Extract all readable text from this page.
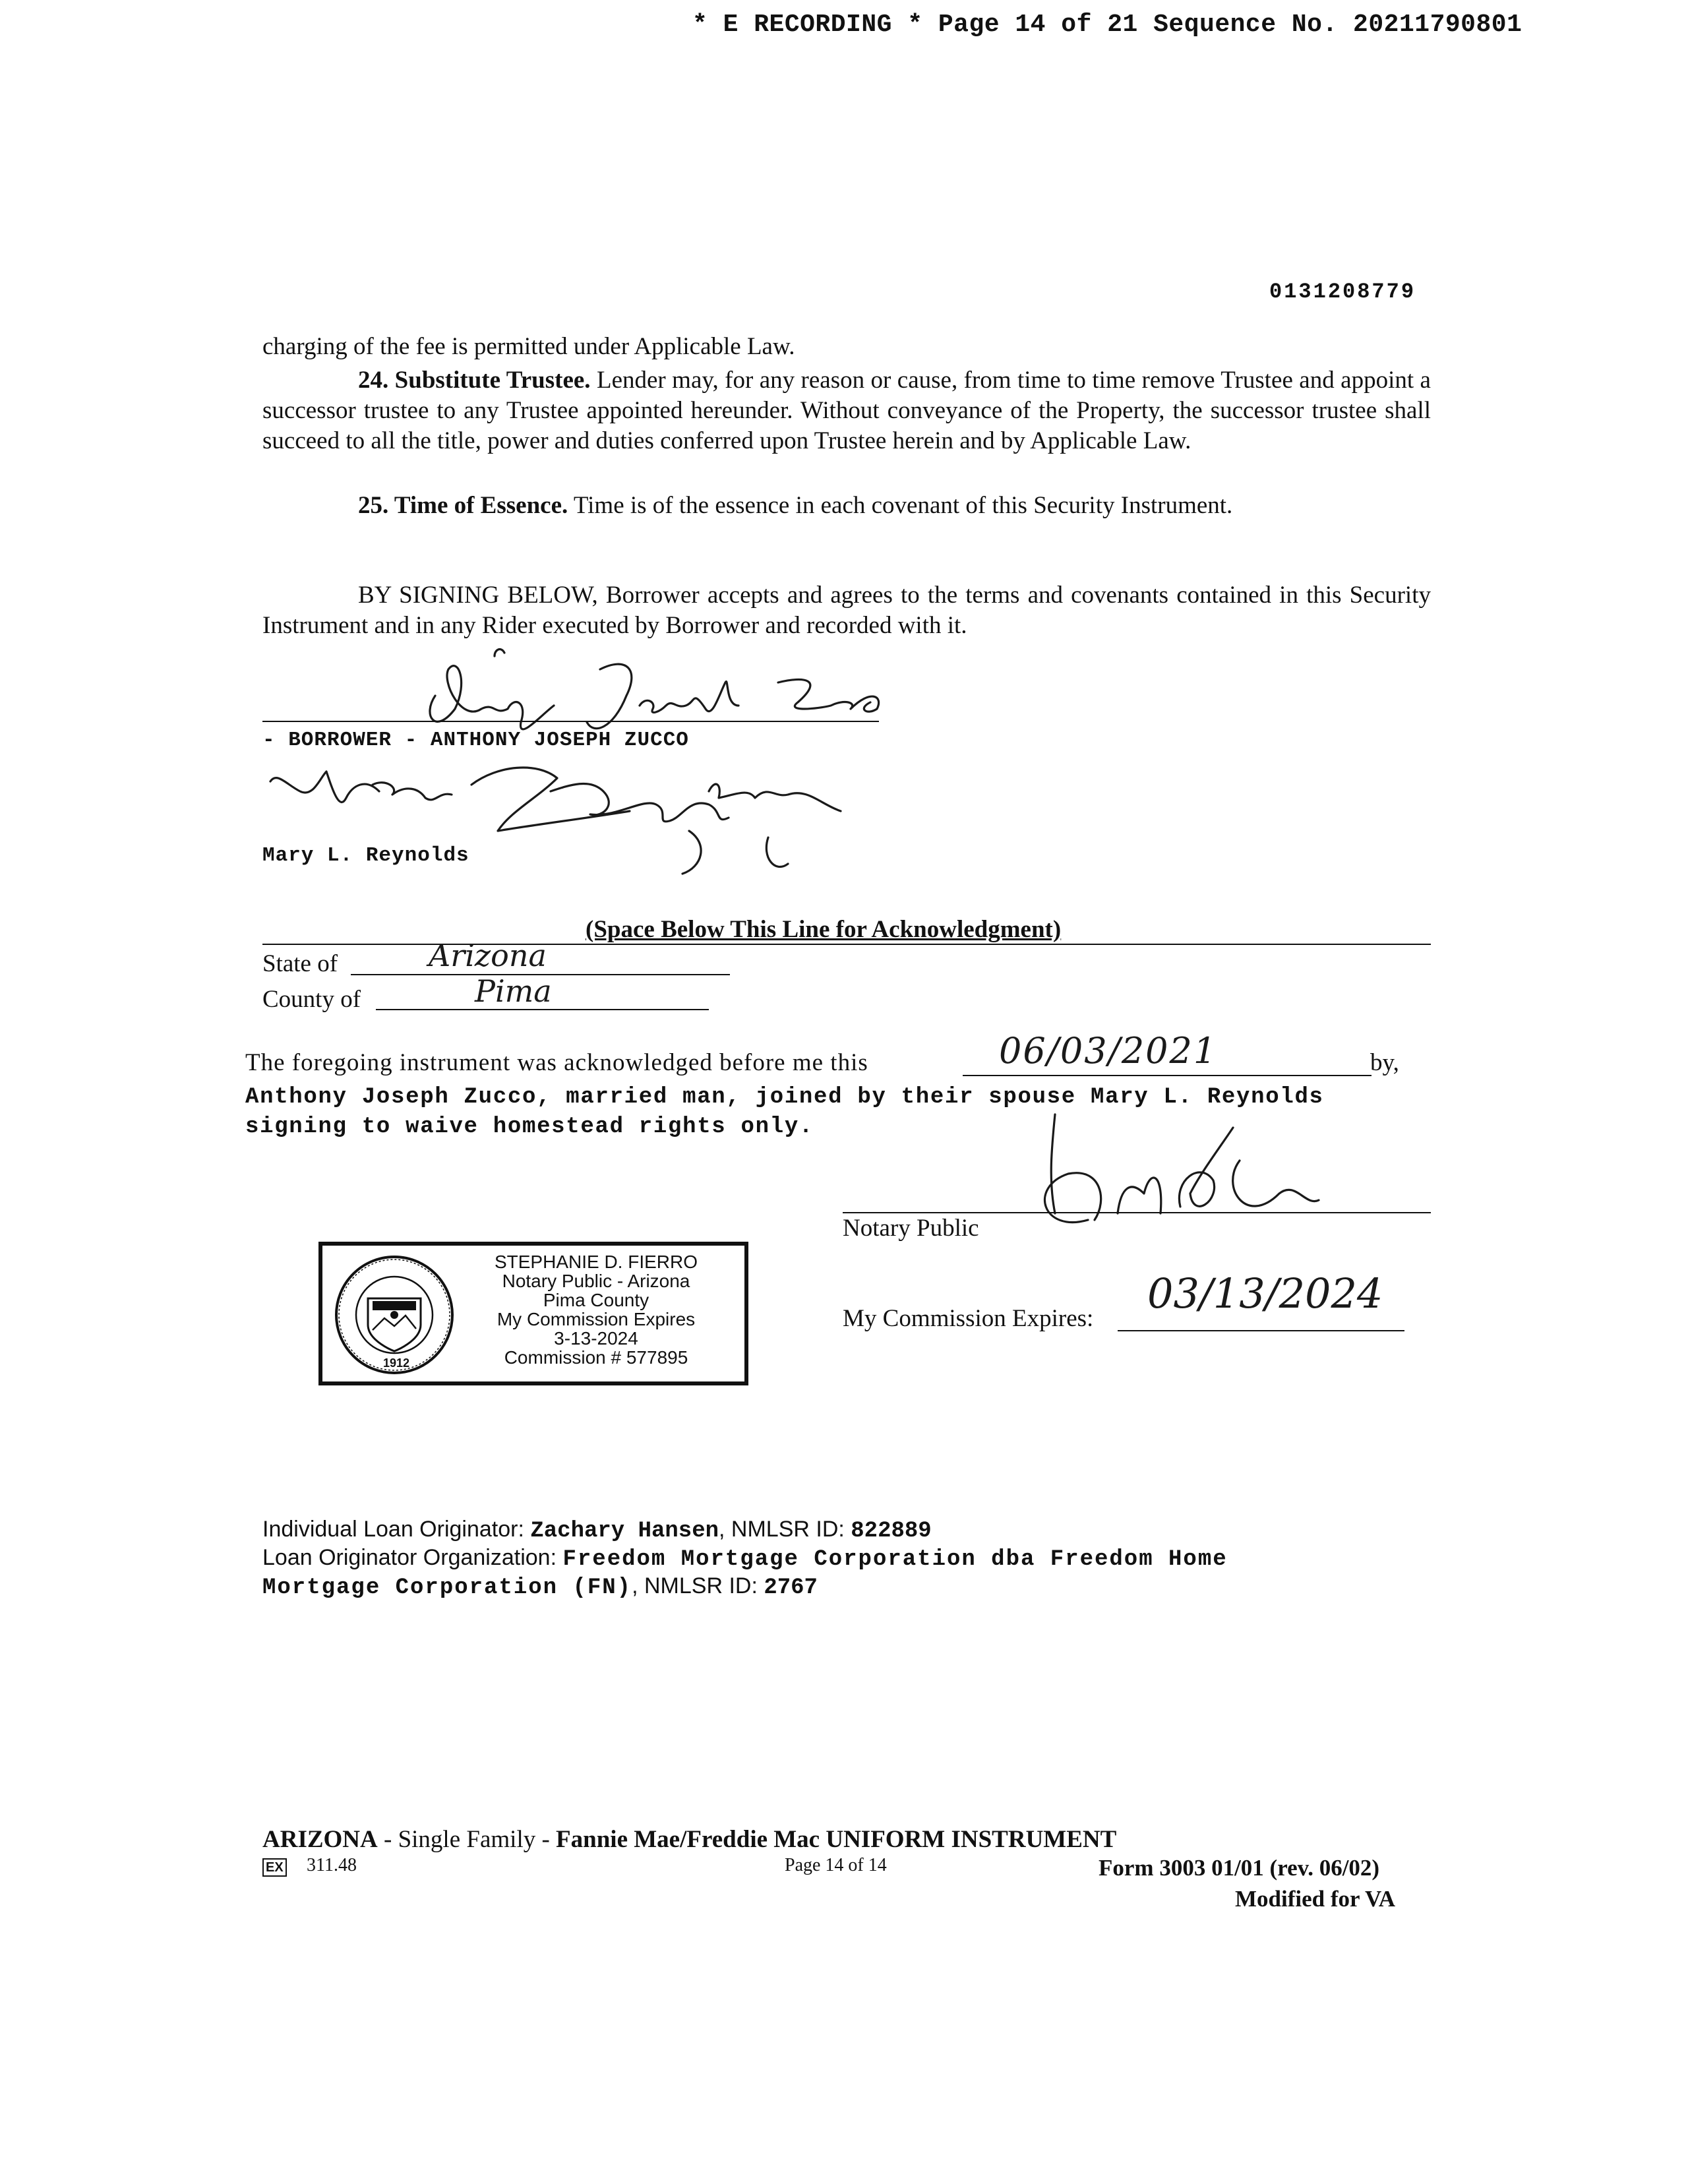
* E RECORDING * Page 14 of 21 Sequence No. 20211790801
0131208779
charging of the fee is permitted under Applicable Law.
24. Substitute Trustee. Lender may, for any reason or cause, from time to time remove Trustee and appoint a successor trustee to any Trustee appointed hereunder. Without conveyance of the Property, the successor trustee shall succeed to all the title, power and duties conferred upon Trustee herein and by Applicable Law.
25. Time of Essence. Time is of the essence in each covenant of this Security Instrument.
BY SIGNING BELOW, Borrower accepts and agrees to the terms and covenants contained in this Security Instrument and in any Rider executed by Borrower and recorded with it.
- BORROWER - ANTHONY JOSEPH ZUCCO
Mary L. Reynolds
(Space Below This Line for Acknowledgment)
State of	Arizona
County of	Pima
The foregoing instrument was acknowledged before me this	06/03/2021	by,
Anthony Joseph Zucco, married man, joined by their spouse Mary L. Reynolds
signing to waive homestead rights only.
Notary Public
My Commission Expires:
03/13/2024
1912
STEPHANIE D. FIERRO
Notary Public - Arizona
Pima County
My Commission Expires
3-13-2024
Commission # 577895
Individual Loan Originator: Zachary Hansen, NMLSR ID: 822889
Loan Originator Organization: Freedom Mortgage Corporation dba Freedom Home
Mortgage Corporation (FN), NMLSR ID: 2767
ARIZONA - Single Family - Fannie Mae/Freddie Mac UNIFORM INSTRUMENT
EX 311.48	Page 14 of 14	Form 3003 01/01 (rev. 06/02)
Modified for VA
